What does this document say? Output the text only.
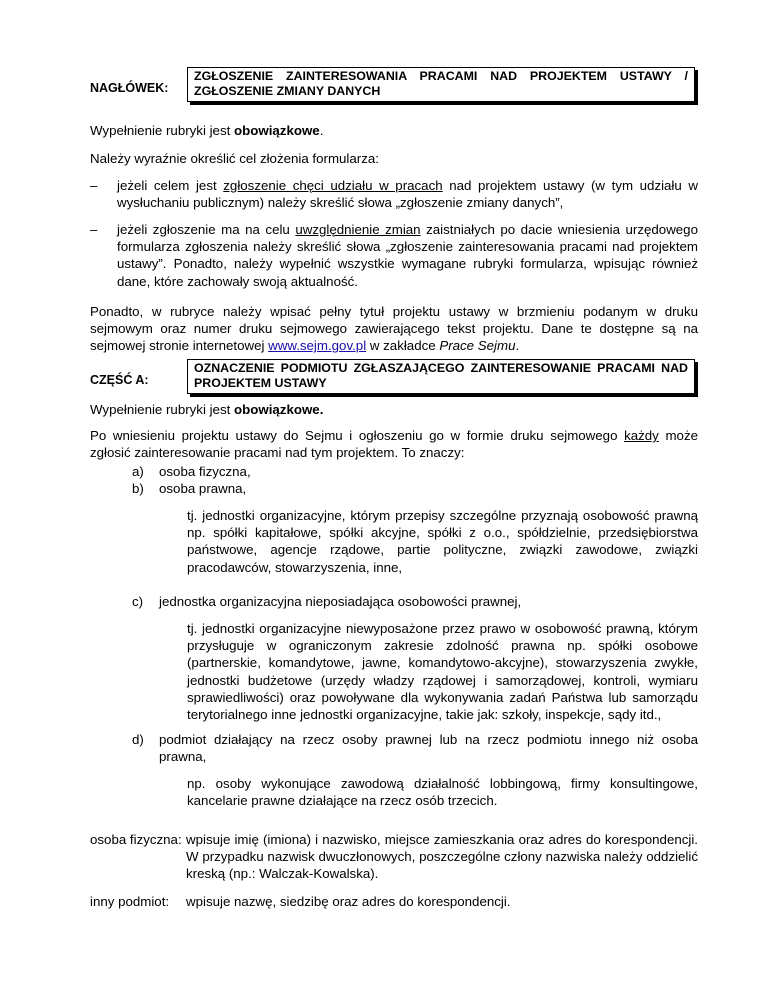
NAGŁÓWEK:
ZGŁOSZENIE ZAINTERESOWANIA PRACAMI NAD PROJEKTEM USTAWY / ZGŁOSZENIE ZMIANY DANYCH
Wypełnienie rubryki jest obowiązkowe.
Należy wyraźnie określić cel złożenia formularza:
– jeżeli celem jest zgłoszenie chęci udziału w pracach nad projektem ustawy (w tym udziału w wysłuchaniu publicznym) należy skreślić słowa „zgłoszenie zmiany danych”,
– jeżeli zgłoszenie ma na celu uwzględnienie zmian zaistniałych po dacie wniesienia urzędowego formularza zgłoszenia należy skreślić słowa „zgłoszenie zainteresowania pracami nad projektem ustawy”. Ponadto, należy wypełnić wszystkie wymagane rubryki formularza, wpisując również dane, które zachowały swoją aktualność.
Ponadto, w rubryce należy wpisać pełny tytuł projektu ustawy w brzmieniu podanym w druku sejmowym oraz numer druku sejmowego zawierającego tekst projektu. Dane te dostępne są na sejmowej stronie internetowej www.sejm.gov.pl w zakładce Prace Sejmu.
CZĘŚĆ A:
OZNACZENIE PODMIOTU ZGŁASZAJĄCEGO ZAINTERESOWANIE PRACAMI NAD PROJEKTEM USTAWY
Wypełnienie rubryki jest obowiązkowe.
Po wniesieniu projektu ustawy do Sejmu i ogłoszeniu go w formie druku sejmowego każdy może zgłosić zainteresowanie pracami nad tym projektem. To znaczy:
a) osoba fizyczna,
b) osoba prawna,
tj. jednostki organizacyjne, którym przepisy szczególne przyznają osobowość prawną np. spółki kapitałowe, spółki akcyjne, spółki z o.o., spółdzielnie, przedsiębiorstwa państwowe, agencje rządowe, partie polityczne, związki zawodowe, związki pracodawców, stowarzyszenia, inne,
c) jednostka organizacyjna nieposiadająca osobowości prawnej,
tj. jednostki organizacyjne niewyposażone przez prawo w osobowość prawną, którym przysługuje w ograniczonym zakresie zdolność prawna np. spółki osobowe (partnerskie, komandytowe, jawne, komandytowo-akcyjne), stowarzyszenia zwykłe, jednostki budżetowe (urzędy władzy rządowej i samorządowej, kontroli, wymiaru sprawiedliwości) oraz powoływane dla wykonywania zadań Państwa lub samorządu terytorialnego inne jednostki organizacyjne, takie jak: szkoły, inspekcje, sądy itd.,
d) podmiot działający na rzecz osoby prawnej lub na rzecz podmiotu innego niż osoba prawna,
np. osoby wykonujące zawodową działalność lobbingową, firmy konsultingowe, kancelarie prawne działające na rzecz osób trzecich.
osoba fizyczna: wpisuje imię (imiona) i nazwisko, miejsce zamieszkania oraz adres do korespondencji. W przypadku nazwisk dwuczłonowych, poszczególne człony nazwiska należy oddzielić kreską (np.: Walczak-Kowalska).
inny podmiot: wpisuje nazwę, siedzibę oraz adres do korespondencji.
